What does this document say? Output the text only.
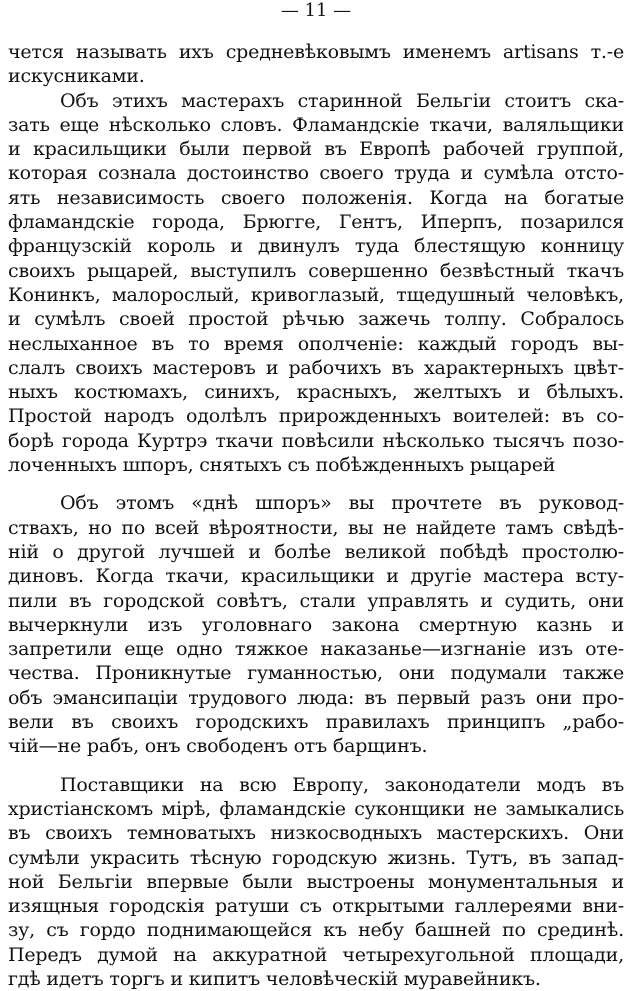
— 11 —
чется называть ихъ средневѣковымъ именемъ artisans т.-е
искусниками.
Объ этихъ мастерахъ старинной Бельгіи стоитъ ска-
зать еще нѣсколько словъ. Фламандскіе ткачи, валяльщики
и красильщики были первой въ Европѣ рабочей группой,
которая сознала достоинство своего труда и сумѣла отсто-
ять независимость своего положенія. Когда на богатые
фламандскіе города, Брюгге, Гентъ, Иперпъ, позарился
французскій король и двинулъ туда блестящую конницу
своихъ рыцарей, выступилъ совершенно безвѣстный ткачъ
Конинкъ, малорослый, кривоглазый, тщедушный человѣкъ,
и сумѣлъ своей простой рѣчью зажечь толпу. Собралось
неслыханное въ то время ополченіе: каждый городъ вы-
слалъ своихъ мастеровъ и рабочихъ въ характерныхъ цвѣт-
ныхъ костюмахъ, синихъ, красныхъ, желтыхъ и бѣлыхъ.
Простой народъ одолѣлъ прирожденныхъ воителей: въ со-
борѣ города Куртрэ ткачи повѣсили нѣсколько тысячъ позо-
лоченныхъ шпоръ, снятыхъ съ побѣжденныхъ рыцарей
Объ этомъ «днѣ шпоръ» вы прочтете въ руковод-
ствахъ, но по всей вѣроятности, вы не найдете тамъ свѣдѣ-
ній о другой лучшей и болѣе великой побѣдѣ простолю-
диновъ. Когда ткачи, красильщики и другіе мастера всту-
пили въ городской совѣтъ, стали управлять и судить, они
вычеркнули изъ уголовнаго закона смертную казнь и
запретили еще одно тяжкое наказанье—изгнаніе изъ оте-
чества. Проникнутые гуманностью, они подумали также
объ эмансипаціи трудового люда: въ первый разъ они про-
вели въ своихъ городскихъ правилахъ принципъ „рабо-
чій—не рабъ, онъ свободенъ отъ барщинъ.
Поставщики на всю Европу, законодатели модъ въ
христіанскомъ мірѣ, фламандскіе суконщики не замыкались
въ своихъ темноватыхъ низкосводныхъ мастерскихъ. Они
сумѣли украсить тѣсную городскую жизнь. Тутъ, въ запад-
ной Бельгіи впервые были выстроены монументальныя и
изящныя городскія ратуши съ открытыми галлереями вни-
зу, съ гордо поднимающейся къ небу башней по срединѣ.
Передъ думой на аккуратной четырехугольной площади,
гдѣ идетъ торгъ и кипитъ человѣческій муравейникъ.
